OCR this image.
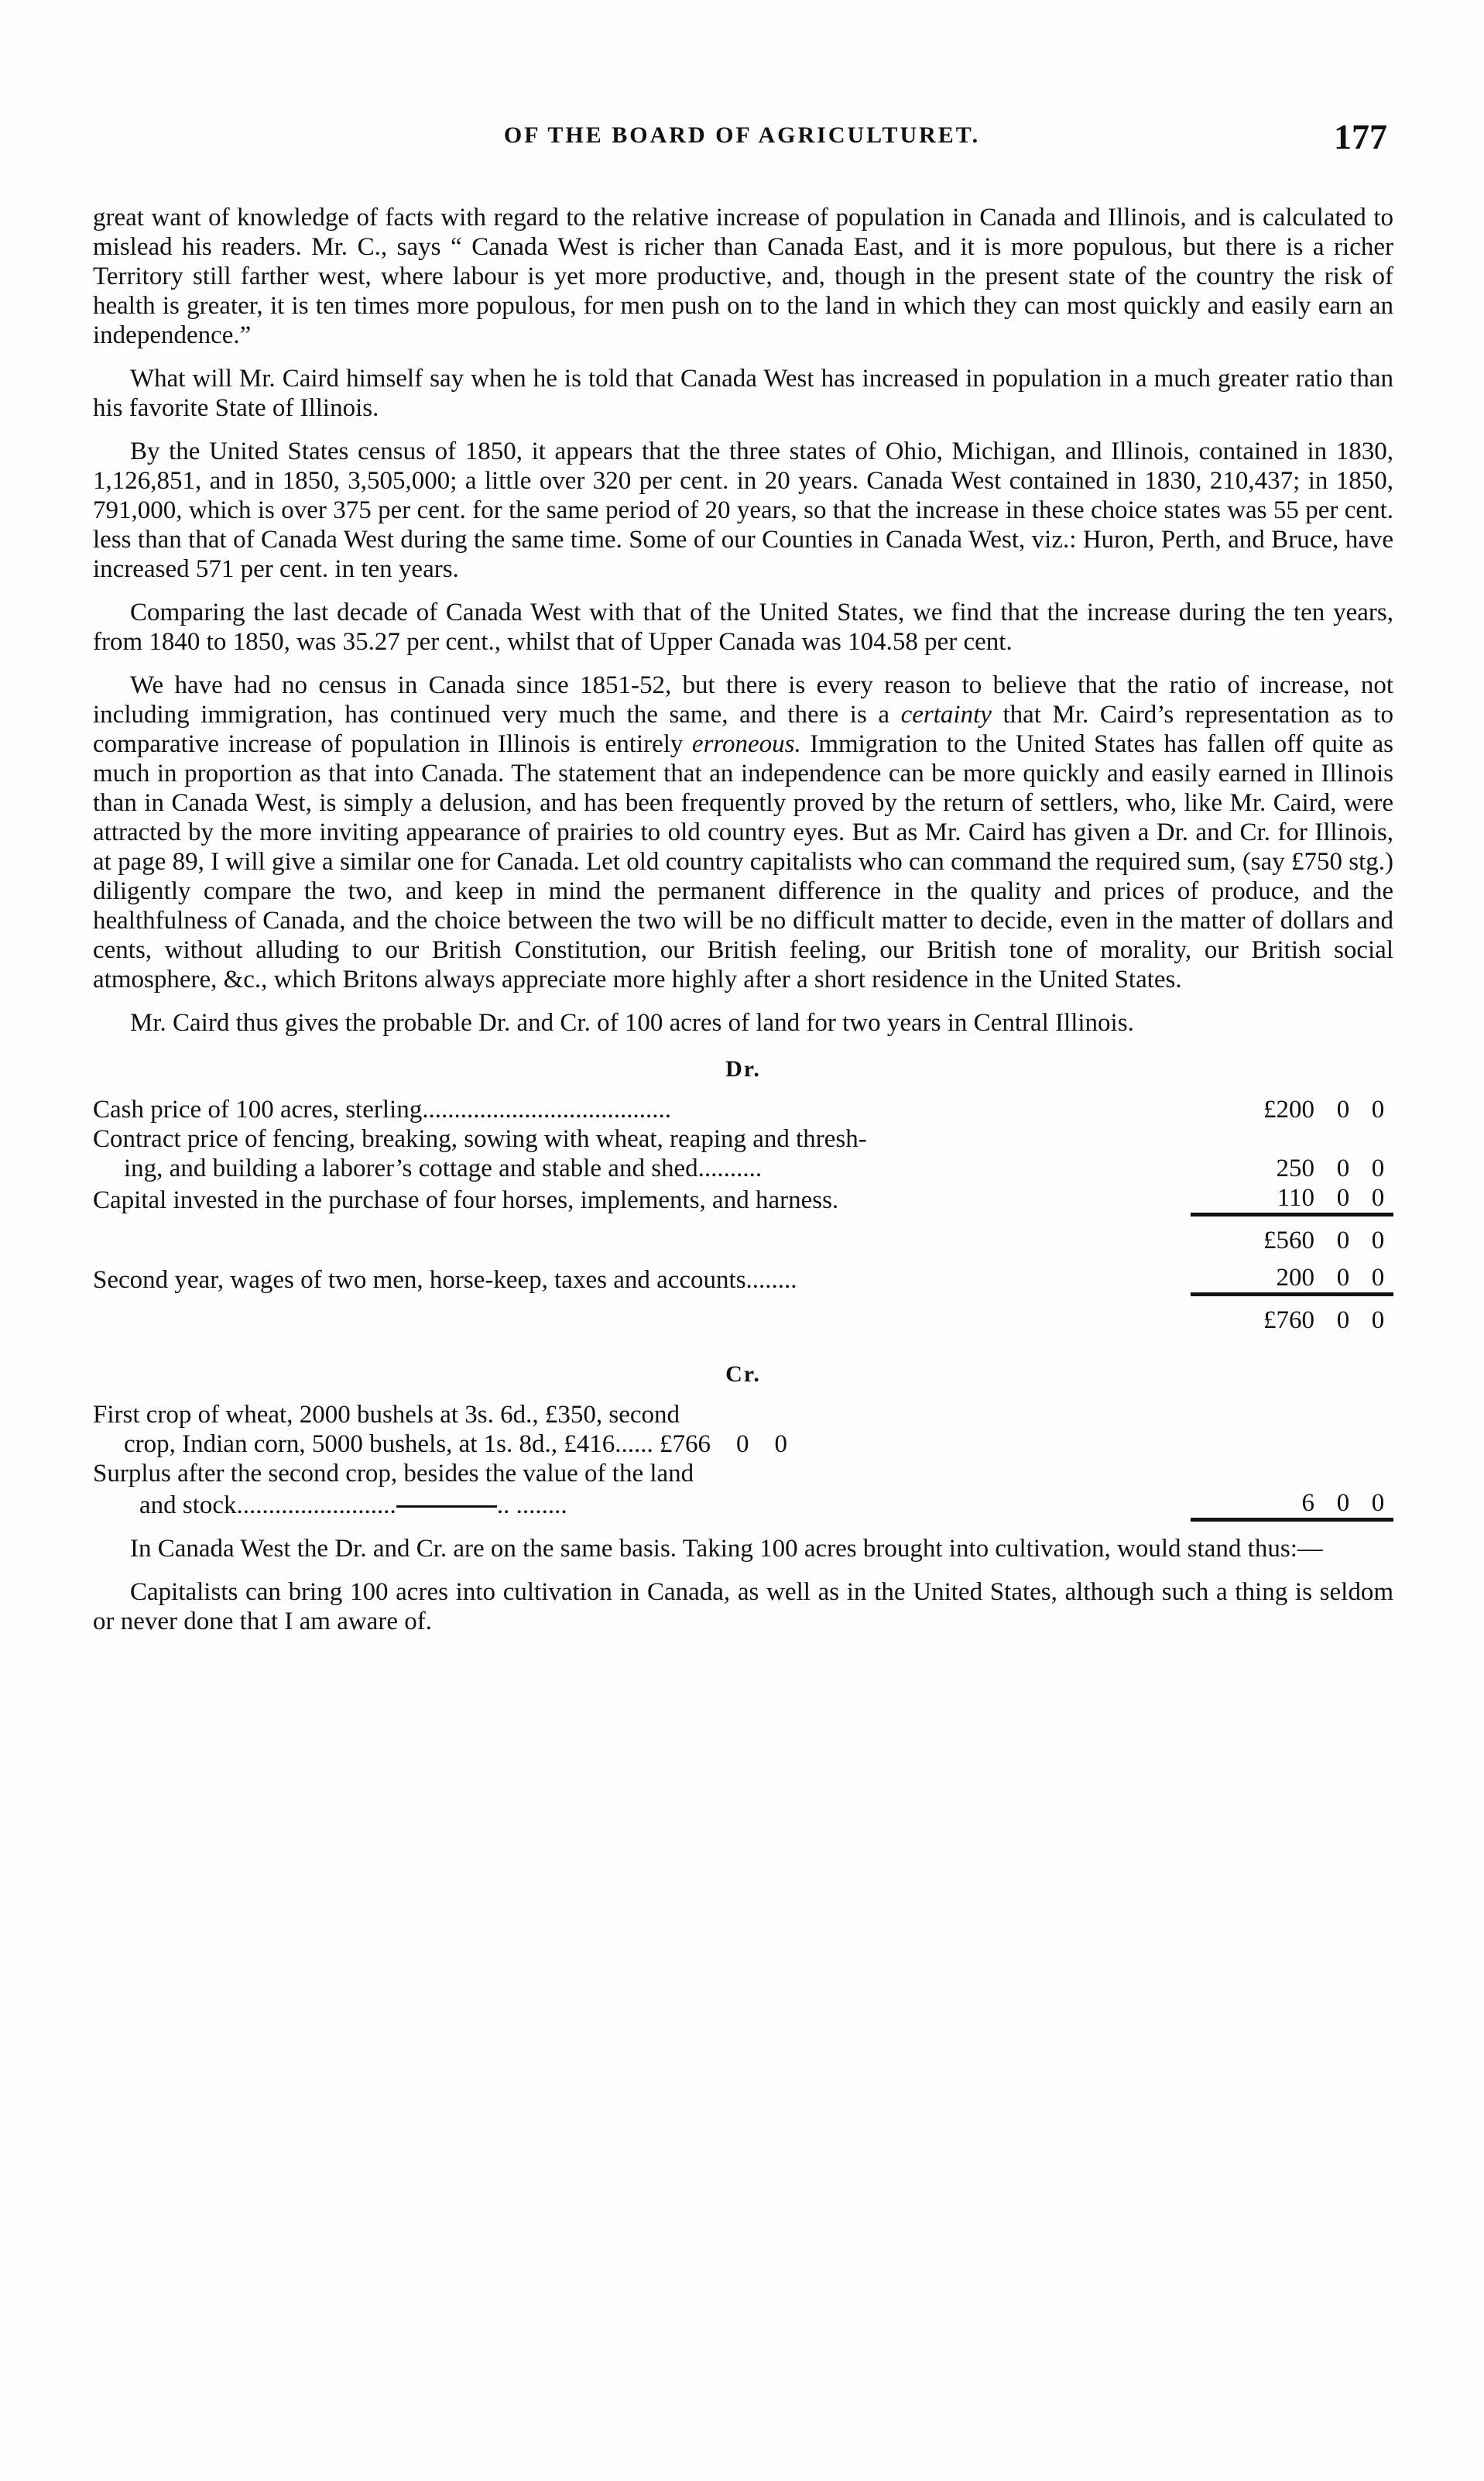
OF THE BOARD OF AGRICULTURET.	177

great want of knowledge of facts with regard to the relative increase of population in Canada and Illinois, and is calculated to mislead his readers. Mr. C., says “ Canada West is richer than Canada East, and it is more populous, but there is a richer Territory still farther west, where labour is yet more productive, and, though in the present state of the country the risk of health is greater, it is ten times more populous, for men push on to the land in which they can most quickly and easily earn an independence.”

What will Mr. Caird himself say when he is told that Canada West has increased in population in a much greater ratio than his favorite State of Illinois.

By the United States census of 1850, it appears that the three states of Ohio, Michigan, and Illinois, contained in 1830, 1,126,851, and in 1850, 3,505,000; a little over 320 per cent. in 20 years. Canada West contained in 1830, 210,437; in 1850, 791,000, which is over 375 per cent. for the same period of 20 years, so that the increase in these choice states was 55 per cent. less than that of Canada West during the same time. Some of our Counties in Canada West, viz.: Huron, Perth, and Bruce, have increased 571 per cent. in ten years.

Comparing the last decade of Canada West with that of the United States, we find that the increase during the ten years, from 1840 to 1850, was 35.27 per cent., whilst that of Upper Canada was 104.58 per cent.

We have had no census in Canada since 1851-52, but there is every reason to believe that the ratio of increase, not including immigration, has continued very much the same, and there is a certainty that Mr. Caird’s representation as to comparative increase of population in Illinois is entirely erroneous. Immigration to the United States has fallen off quite as much in proportion as that into Canada. The statement that an independence can be more quickly and easily earned in Illinois than in Canada West, is simply a delusion, and has been frequently proved by the return of settlers, who, like Mr. Caird, were attracted by the more inviting appearance of prairies to old country eyes. But as Mr. Caird has given a Dr. and Cr. for Illinois, at page 89, I will give a similar one for Canada. Let old country capitalists who can command the required sum, (say £750 stg.) diligently compare the two, and keep in mind the permanent difference in the quality and prices of produce, and the healthfulness of Canada, and the choice between the two will be no difficult matter to decide, even in the matter of dollars and cents, without alluding to our British Constitution, our British feeling, our British tone of morality, our British social atmosphere, &c., which Britons always appreciate more highly after a short residence in the United States.

Mr. Caird thus gives the probable Dr. and Cr. of 100 acres of land for two years in Central Illinois.

Dr.
Cash price of 100 acres, sterling.......................................	£200	0	0
Contract price of fencing, breaking, sowing with wheat, reaping and thresh-			
ing, and building a laborer’s cottage and stable and shed..........	250	0	0
Capital invested in the purchase of four horses, implements, and harness.	110	0	0

	£560	0	0
Second year, wages of two men, horse-keep, taxes and accounts........	200	0	0

	£760	0	0
Cr.
First crop of wheat, 2000 bushels at 3s. 6d., £350, second			
crop, Indian corn, 5000 bushels, at 1s. 8d., £416...... £766 0 0			
Surplus after the second crop, besides the value of the land			
and stock......................... .. ........	6	0	0

In Canada West the Dr. and Cr. are on the same basis. Taking 100 acres brought into cultivation, would stand thus:—

Capitalists can bring 100 acres into cultivation in Canada, as well as in the United States, although such a thing is seldom or never done that I am aware of.
